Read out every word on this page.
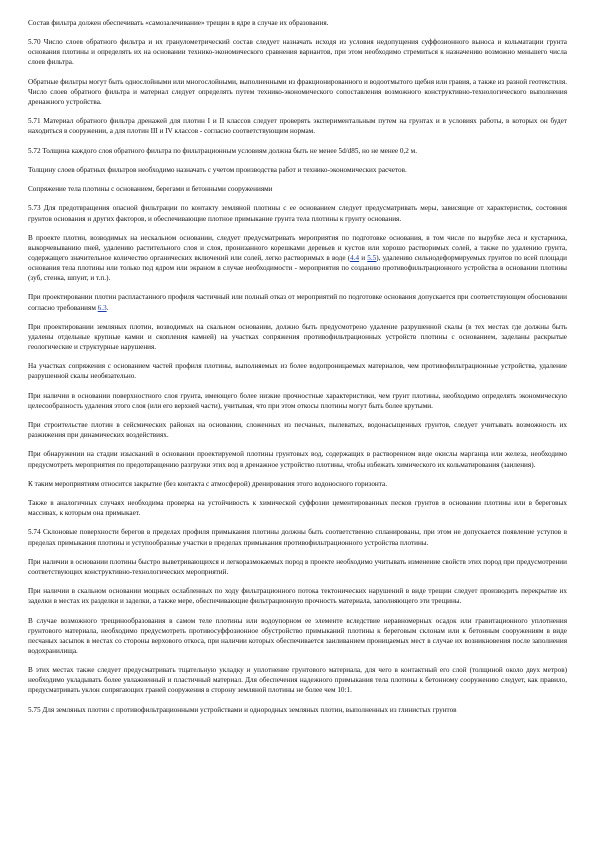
Состав фильтра должен обеспечивать «самозалечивание» трещин в ядре в случае их образования.

5.70 Число слоев обратного фильтра и их гранулометрический состав следует назначать исходя из условия недопущения суффозионного выноса и кольматации грунта основания плотины и определять их на основании технико-экономического сравнения вариантов, при этом необходимо стремиться к назначению возможно меньшего числа слоев фильтра.

Обратные фильтры могут быть однослойными или многослойными, выполненными из фракционированного и водоотмытого щебня или гравия, а также из разной геотекстиля. Число слоев обратного фильтра и материал следует определять путем технико-экономического сопоставления возможного конструктивно-технологического выполнения дренажного устройства.

5.71 Материал обратного фильтра дренажей для плотин I и II классов следует проверять экспериментальным путем на грунтах и в условиях работы, в которых он будет находиться в сооружении, а для плотин III и IV классов - согласно соответствующим нормам.

5.72 Толщина каждого слоя обратного фильтра по фильтрационным условиям должна быть не менее 5d/d85, но не менее 0,2 м.

Толщину слоев обратных фильтров необходимо назначать с учетом производства работ и технико-экономических расчетов.

Сопряжение тела плотины с основанием, берегами и бетонными сооружениями

5.73 Для предотвращения опасной фильтрации по контакту земляной плотины с ее основанием следует предусматривать меры, зависящие от характеристик, состояния грунтов основания и других факторов, и обеспечивающие плотное примыкание грунта тела плотины к грунту основания.

В проекте плотин, возводимых на нескальном основании, следует предусматривать мероприятия по подготовке основания, в том числе по вырубке леса и кустарника, выкорчевыванию пней, удалению растительного слоя и слоя, пронизанного корешками деревьев и кустов или хорошо растворимых солей, а также по удалению грунта, содержащего значительное количество органических включений или солей, легко растворимых в воде (4.4 и 5.5), удалению сильнодеформируемых грунтов по всей площади основания тела плотины или только под ядром или экраном в случае необходимости - мероприятия по созданию противофильтрационного устройства в основании плотины (зуб, стенка, шпунт, и т.п.).

При проектировании плотин распластанного профиля частичный или полный отказ от мероприятий по подготовке основания допускается при соответствующем обосновании согласно требованиям 6.3.

При проектировании земляных плотин, возводимых на скальном основании, должно быть предусмотрено удаление разрушенной скалы (в тех местах где должны быть удалены отдельные крупные камни и скопления камней) на участках сопряжения противофильтрационных устройств плотины с основанием, заделаны раскрытые геологические и структурные нарушения.

На участках сопряжения с основанием частей профиля плотины, выполняемых из более водопроницаемых материалов, чем противофильтрационные устройства, удаление разрушенной скалы необязательно.

При наличии в основании поверхностного слоя грунта, имеющего более низкие прочностные характеристики, чем грунт плотины, необходимо определять экономическую целесообразность удаления этого слоя (или его верхней части), учитывая, что при этом откосы плотины могут быть более крутыми.

При строительстве плотин в сейсмических районах на основании, сложенных из песчаных, пылеватых, водонасыщенных грунтов, следует учитывать возможность их разжижения при динамических воздействиях.

При обнаружении на стадии изысканий в основании проектируемой плотины грунтовых вод, содержащих в растворенном виде окислы марганца или железа, необходимо предусмотреть мероприятия по предотвращению разгрузки этих вод в дренажное устройство плотины, чтобы избежать химического их кольматирования (заиления).

К таким мероприятиям относится закрытие (без контакта с атмосферой) дренирования этого водоносного горизонта.

Также в аналогичных случаях необходима проверка на устойчивость к химической суффозии цементированных песков грунтов в основании плотины или в береговых массивах, к которым она примыкает.

5.74 Склоновые поверхности берегов в пределах профиля примыкания плотины должны быть соответственно спланированы, при этом не допускается появление уступов в пределах примыкания плотины и уступообразные участки в пределах примыкания противофильтрационного устройства плотины.

При наличии в основании плотины быстро выветривающихся и легкоразмокаемых пород в проекте необходимо учитывать изменение свойств этих пород при предусмотрении соответствующих конструктивно-технологических мероприятий.

При наличии в скальном основании мощных ослабленных по ходу фильтрационного потока тектонических нарушений в виде трещин следует производить перекрытие их заделки в местах их разделки и заделки, а также мере, обеспечивающие фильтрационную прочность материала, заполняющего эти трещины.

В случае возможного трещинообразования в самом теле плотины или водоупорном ее элементе вследствие неравномерных осадок или гравитационного уплотнения грунтового материала, необходимо предусмотреть противосуффозионное обустройство примыканий плотины к береговым склонам или к бетонным сооружениям в виде песчаных засыпок в местах со стороны верхового откоса, при наличии которых обеспечивается заиливанием проницаемых мест в случае их возникновения после заполнения водохранилища.

В этих местах также следует предусматривать тщательную укладку и уплотнение грунтового материала, для чего в контактный его слой (толщиной около двух метров) необходимо укладывать более увлажненный и пластичный материал. Для обеспечения надежного примыкания тела плотины к бетонному сооружению следует, как правило, предусматривать уклон сопрягающих граней сооружения в сторону земляной плотины не более чем 10:1.

5.75 Для земляных плотин с противофильтрационными устройствами и однородных земляных плотин, выполненных из глинистых грунтов
